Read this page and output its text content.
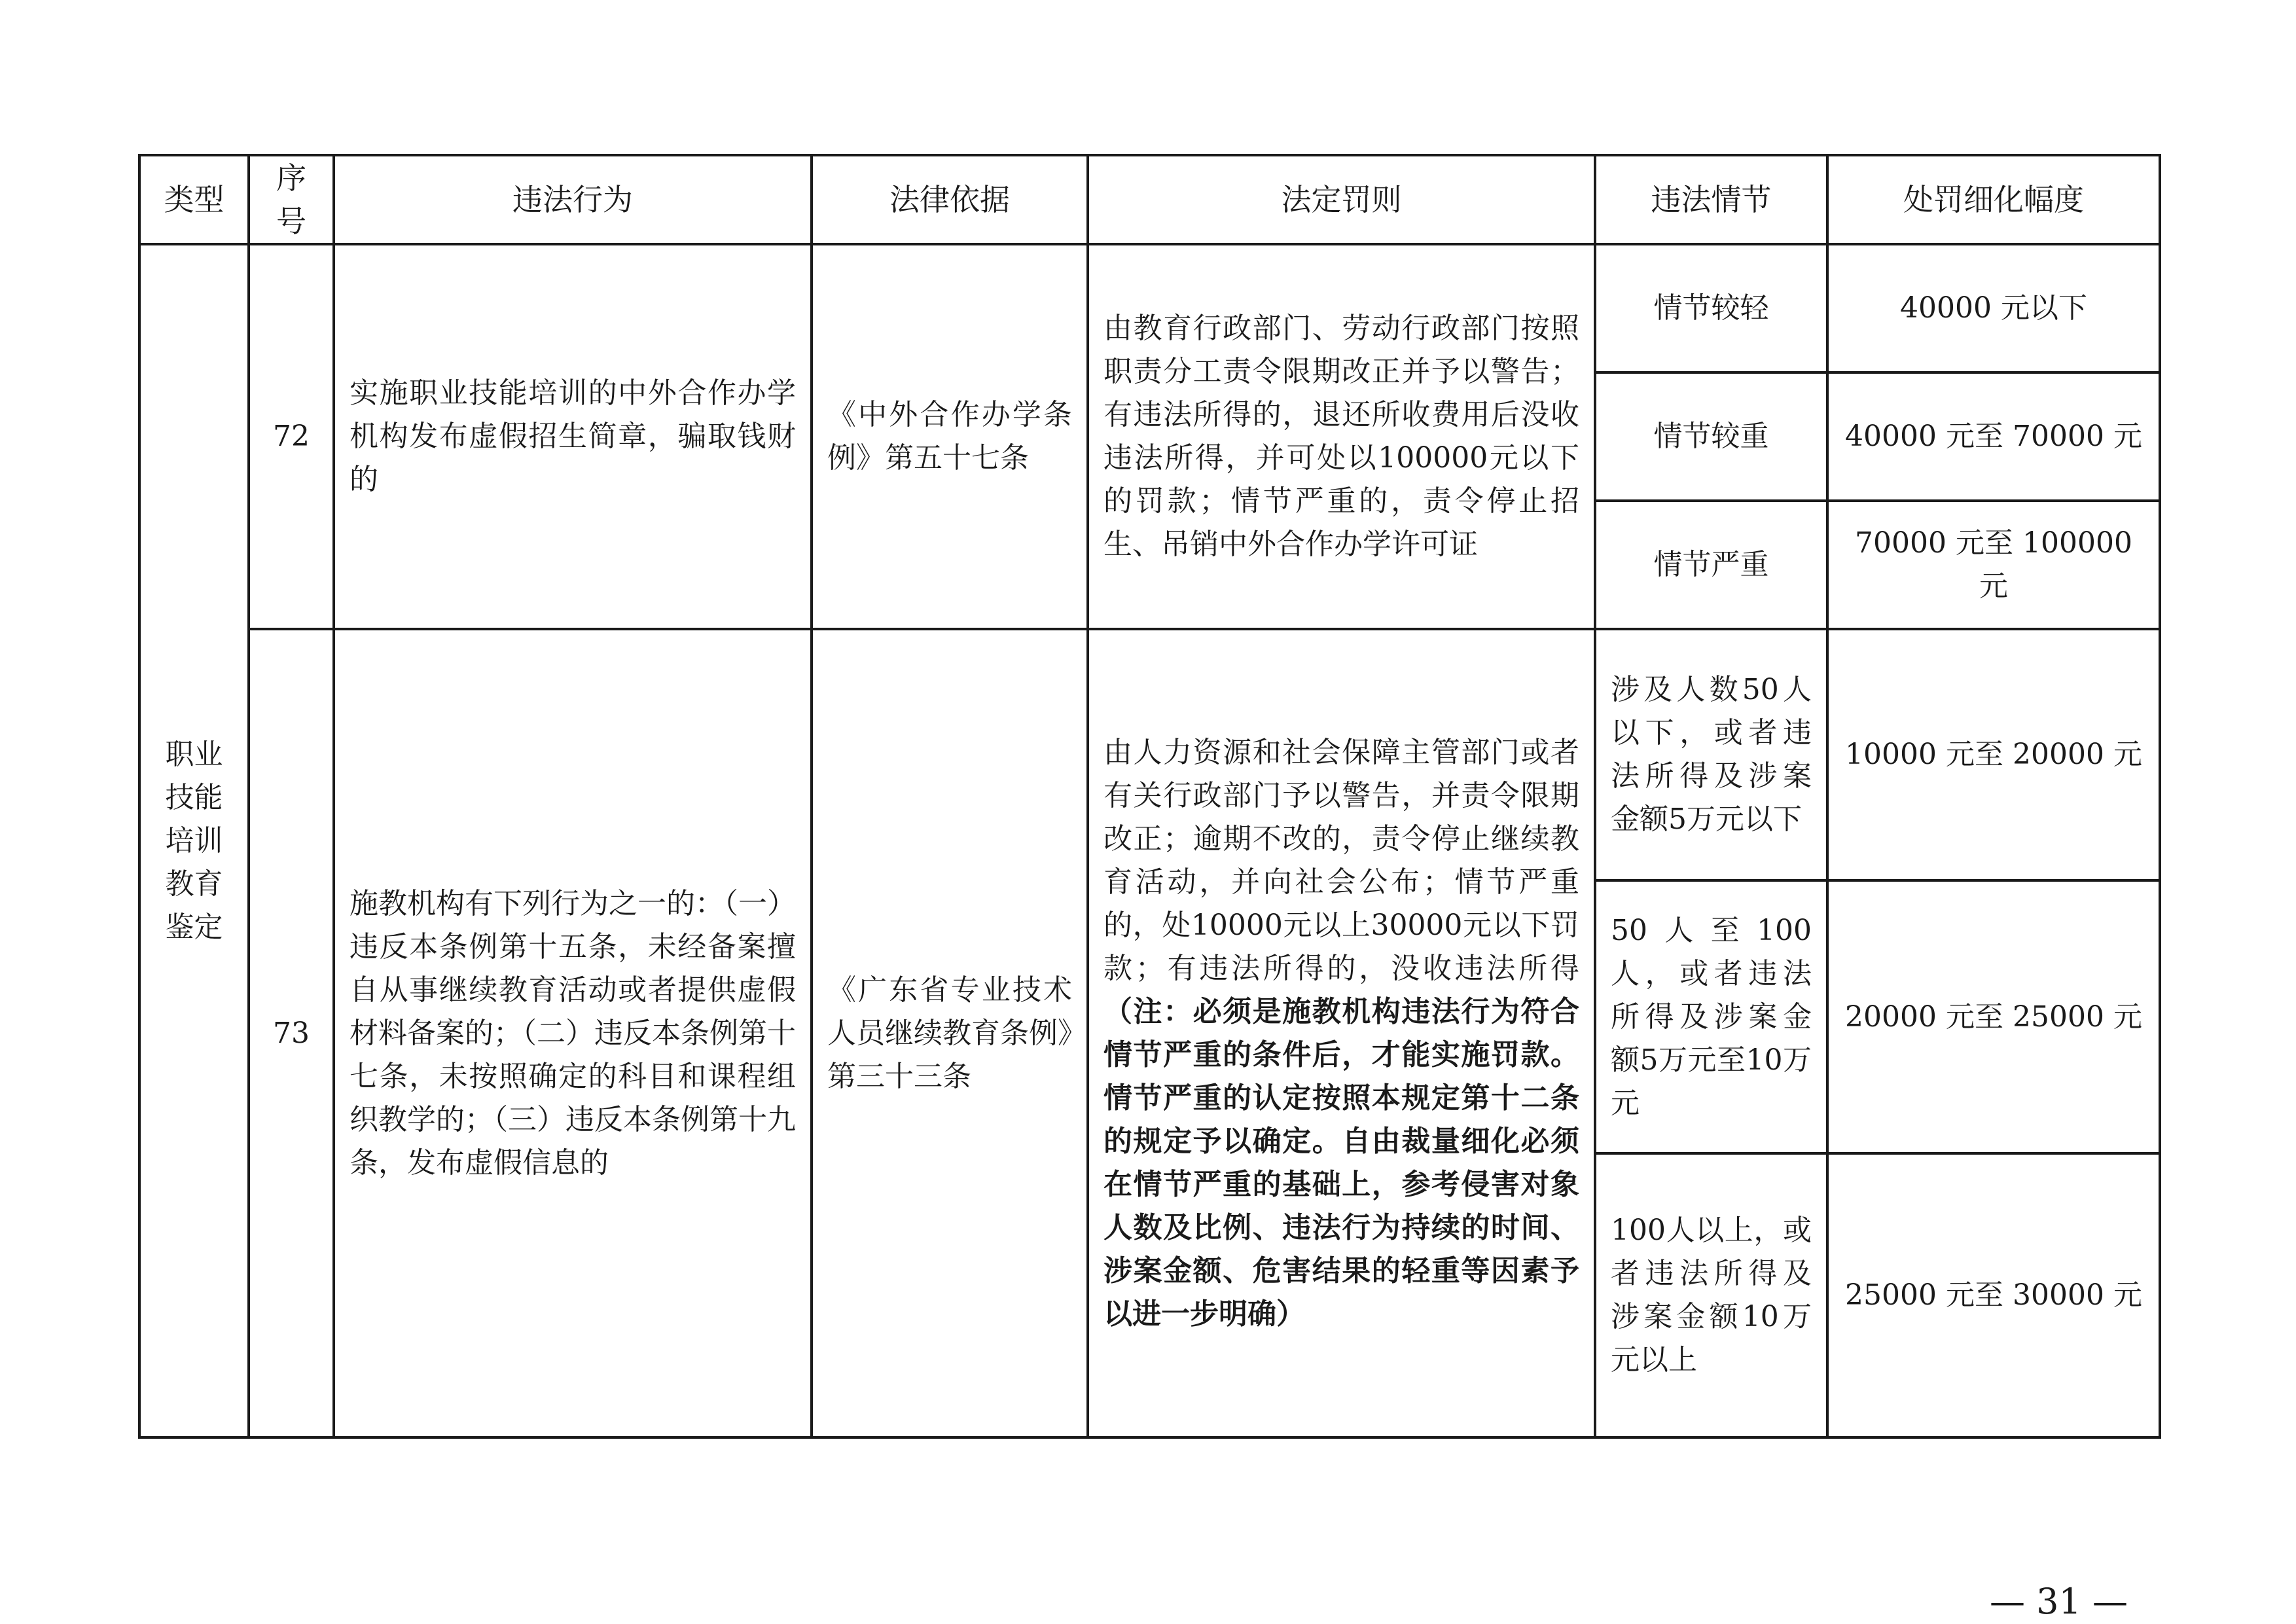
类型	序号	违法行为	法律依据	法定罚则	违法情节	处罚细化幅度
职业技能培训教育鉴定	72	实施职业技能培训的中外合作办学机构发布虚假招生简章，骗取钱财的	《中外合作办学条例》第五十七条	由教育行政部门、劳动行政部门按照职责分工责令限期改正并予以警告；有违法所得的，退还所收费用后没收违法所得，并可处以100000元以下的罚款；情节严重的，责令停止招生、吊销中外合作办学许可证	情节较轻	40000 元以下
					情节较重	40000 元至 70000 元
					情节严重	70000 元至 100000 元
	73	施教机构有下列行为之一的：（一）违反本条例第十五条，未经备案擅自从事继续教育活动或者提供虚假材料备案的；（二）违反本条例第十七条，未按照确定的科目和课程组织教学的；（三）违反本条例第十九条，发布虚假信息的	《广东省专业技术人员继续教育条例》第三十三条	由人力资源和社会保障主管部门或者有关行政部门予以警告，并责令限期改正；逾期不改的，责令停止继续教育活动，并向社会公布；情节严重的，处10000元以上30000元以下罚款；有违法所得的，没收违法所得（注：必须是施教机构违法行为符合情节严重的条件后，才能实施罚款。情节严重的认定按照本规定第十二条的规定予以确定。自由裁量细化必须在情节严重的基础上，参考侵害对象人数及比例、违法行为持续的时间、涉案金额、危害结果的轻重等因素予以进一步明确）	涉及人数50人以下，或者违法所得及涉案金额5万元以下	10000 元至 20000 元
					50人至100人，或者违法所得及涉案金额5万元至10万元	20000 元至 25000 元
					100人以上，或者违法所得及涉案金额10万元以上	25000 元至 30000 元
— 31 —
